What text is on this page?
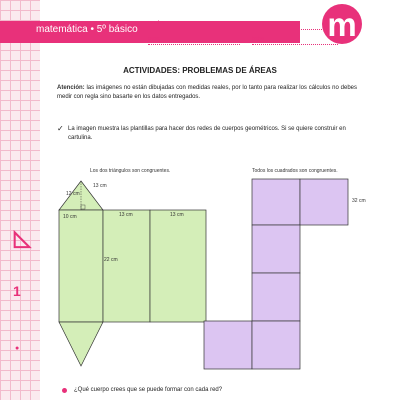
◺
1
●
matemática • 5º básico
nombre
curso	fecha m
ACTIVIDADES: PROBLEMAS DE ÁREAS
Atención: las imágenes no están dibujadas con medidas reales, por lo tanto para realizar los cálculos no debes medir con regla sino basarte en los datos entregados.
✓ La imagen muestra las plantillas para hacer dos redes de cuerpos geométricos. Si se quiere construir en cartulina.
Los dos triángulos son congruentes.
12 cm
13 cm
10 cm	13 cm	13 cm
22 cm
Todos los cuadrados son congruentes.
32 cm
¿Qué cuerpo crees que se puede formar con cada red?
